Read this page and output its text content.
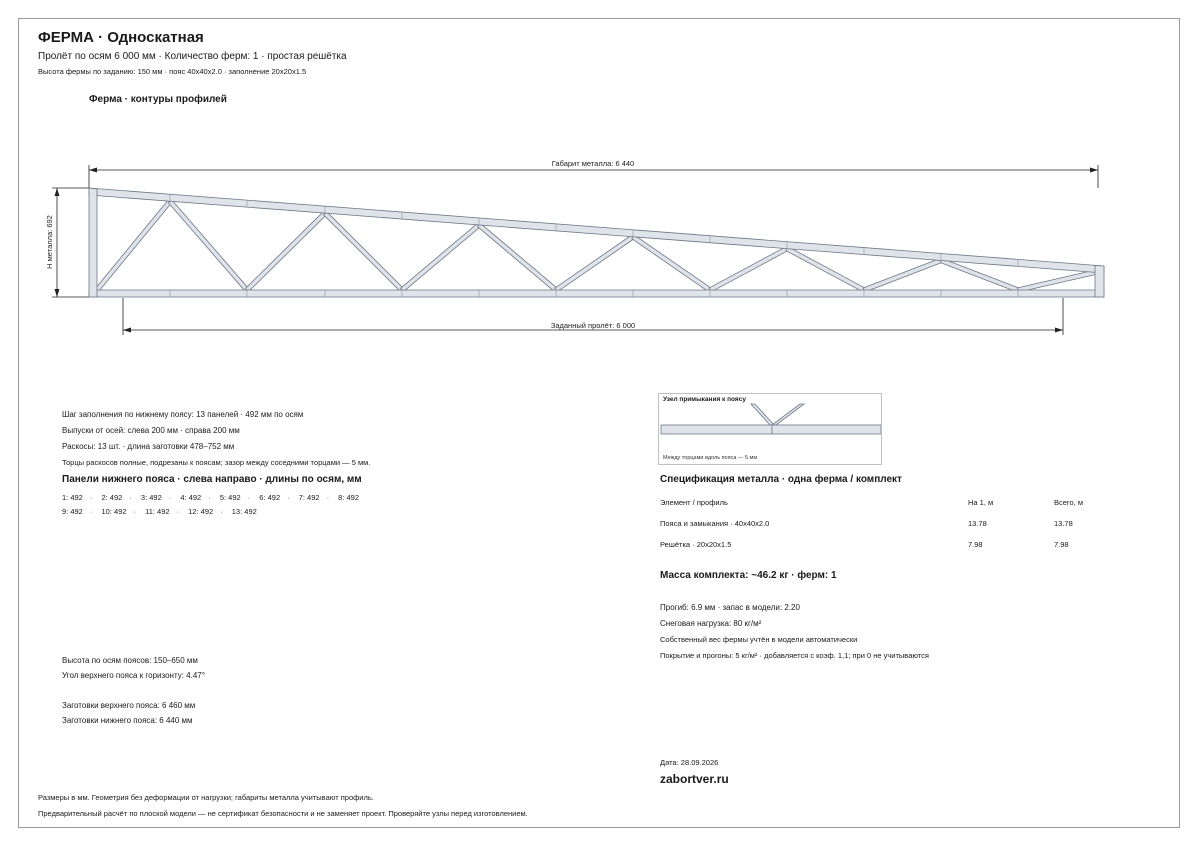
ФЕРМА · Односкатная
Пролёт по осям 6 000 мм · Количество ферм: 1 · простая решётка
Высота фермы по заданию: 150 мм · пояс 40x40x2.0 · заполнение 20x20x1.5
Ферма · контуры профилей
Габарит металла: 6 440
H металла: 692
Заданный пролёт: 6 000
Шаг заполнения по нижнему поясу: 13 панелей · 492 мм по осям
Выпуски от осей: слева 200 мм · справа 200 мм
Раскосы: 13 шт. · длина заготовки 478–752 мм
Торцы раскосов полные, подрезаны к поясам; зазор между соседними торцами — 5 мм.
Панели нижнего пояса · слева направо · длины по осям, мм
1: 492 · 2: 492 · 3: 492 · 4: 492 · 5: 492 · 6: 492 · 7: 492 · 8: 492
9: 492 · 10: 492 · 11: 492 · 12: 492 · 13: 492
Высота по осям поясов: 150–650 мм
Угол верхнего пояса к горизонту: 4.47°
Заготовки верхнего пояса: 6 460 мм
Заготовки нижнего пояса: 6 440 мм
Узел примыкания к поясу
Между торцами вдоль пояса — 5 мм
Спецификация металла · одна ферма / комплект
Элемент / профиль	На 1, м	Всего, м
Пояса и замыкания · 40x40x2.0	13.78	13.78
Решётка · 20x20x1.5	7.98	7.98
Масса комплекта: ~46.2 кг · ферм: 1
Прогиб: 6.9 мм · запас в модели: 2.20
Снеговая нагрузка: 80 кг/м²
Собственный вес фермы учтён в модели автоматически
Покрытие и прогоны: 5 кг/м² · добавляется с коэф. 1,1; при 0 не учитываются
Дата: 28.09.2026
zabortver.ru
Размеры в мм. Геометрия без деформации от нагрузки; габариты металла учитывают профиль.
Предварительный расчёт по плоской модели — не сертификат безопасности и не заменяет проект. Проверяйте узлы перед изготовлением.
